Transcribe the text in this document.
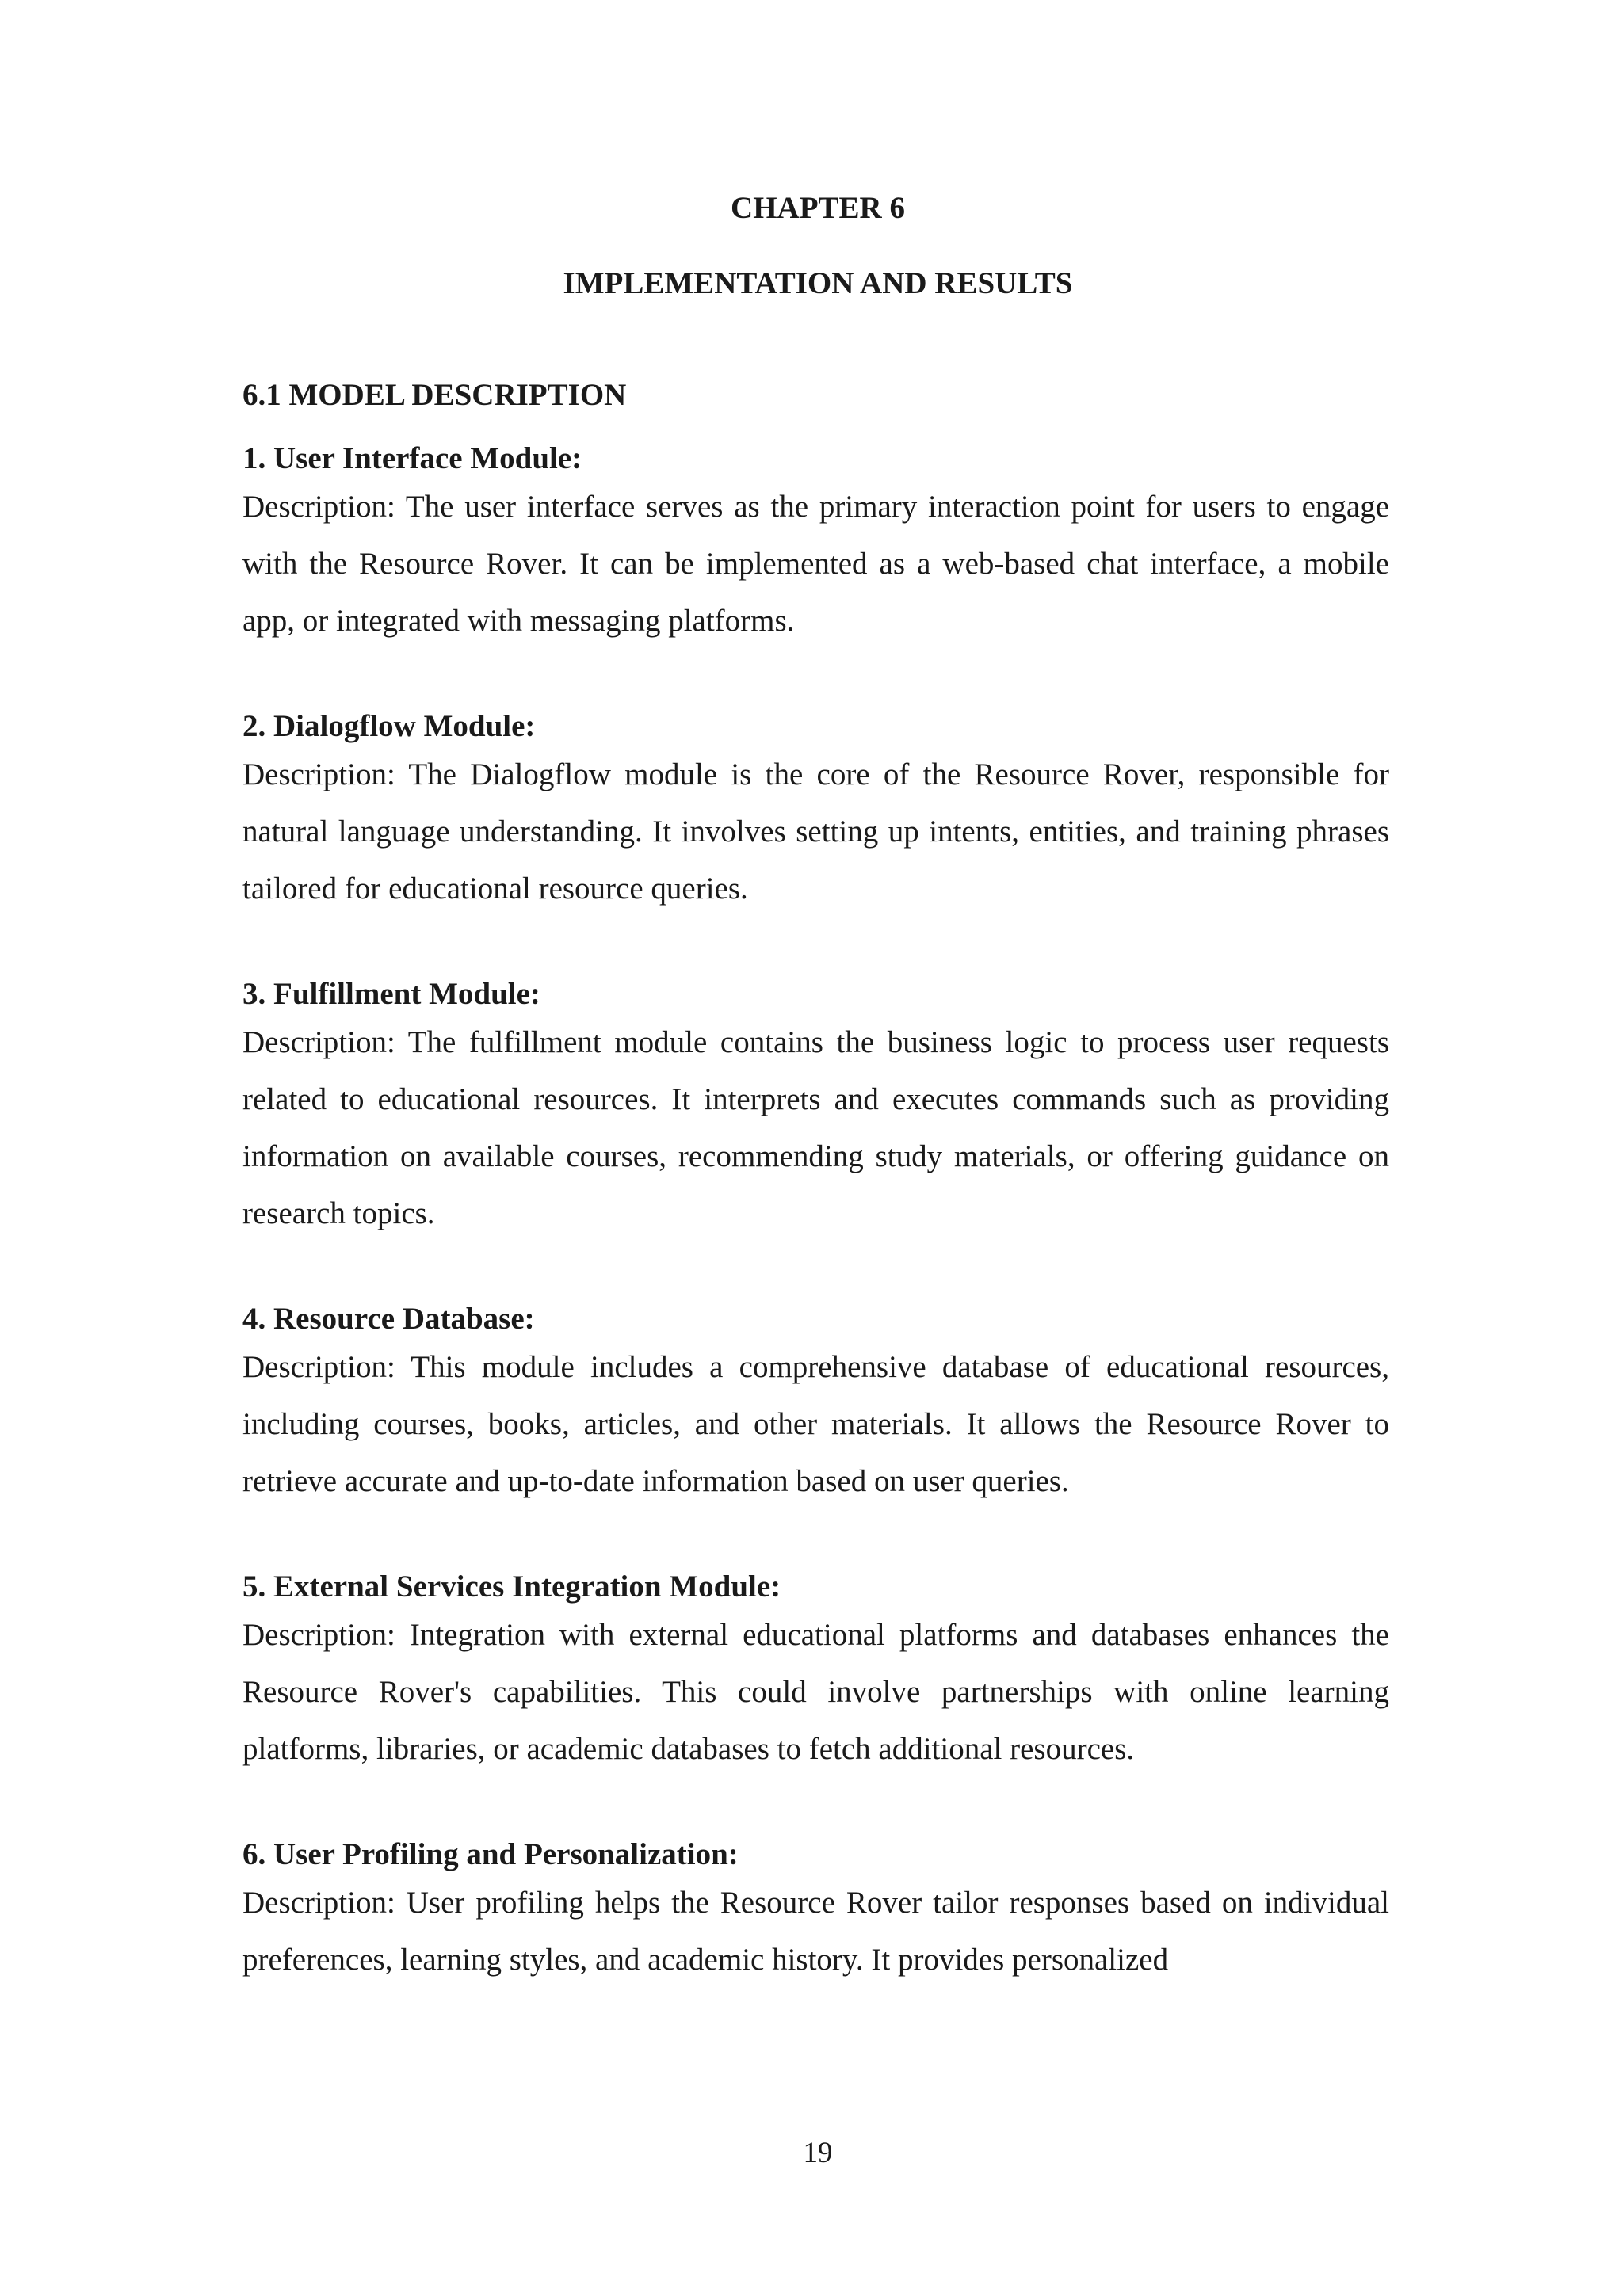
CHAPTER 6
IMPLEMENTATION AND RESULTS
6.1 MODEL DESCRIPTION

1. User Interface Module:

Description: The user interface serves as the primary interaction point for users to engage with the Resource Rover. It can be implemented as a web-based chat interface, a mobile app, or integrated with messaging platforms.

2. Dialogflow Module:

Description: The Dialogflow module is the core of the Resource Rover, responsible for natural language understanding. It involves setting up intents, entities, and training phrases tailored for educational resource queries.

3. Fulfillment Module:

Description: The fulfillment module contains the business logic to process user requests related to educational resources. It interprets and executes commands such as providing information on available courses, recommending study materials, or offering guidance on research topics.

4. Resource Database:

Description: This module includes a comprehensive database of educational resources, including courses, books, articles, and other materials. It allows the Resource Rover to retrieve accurate and up-to-date information based on user queries.

5. External Services Integration Module:

Description: Integration with external educational platforms and databases enhances the Resource Rover's capabilities. This could involve partnerships with online learning platforms, libraries, or academic databases to fetch additional resources.

6. User Profiling and Personalization:

Description: User profiling helps the Resource Rover tailor responses based on individual preferences, learning styles, and academic history. It provides personalized

19
